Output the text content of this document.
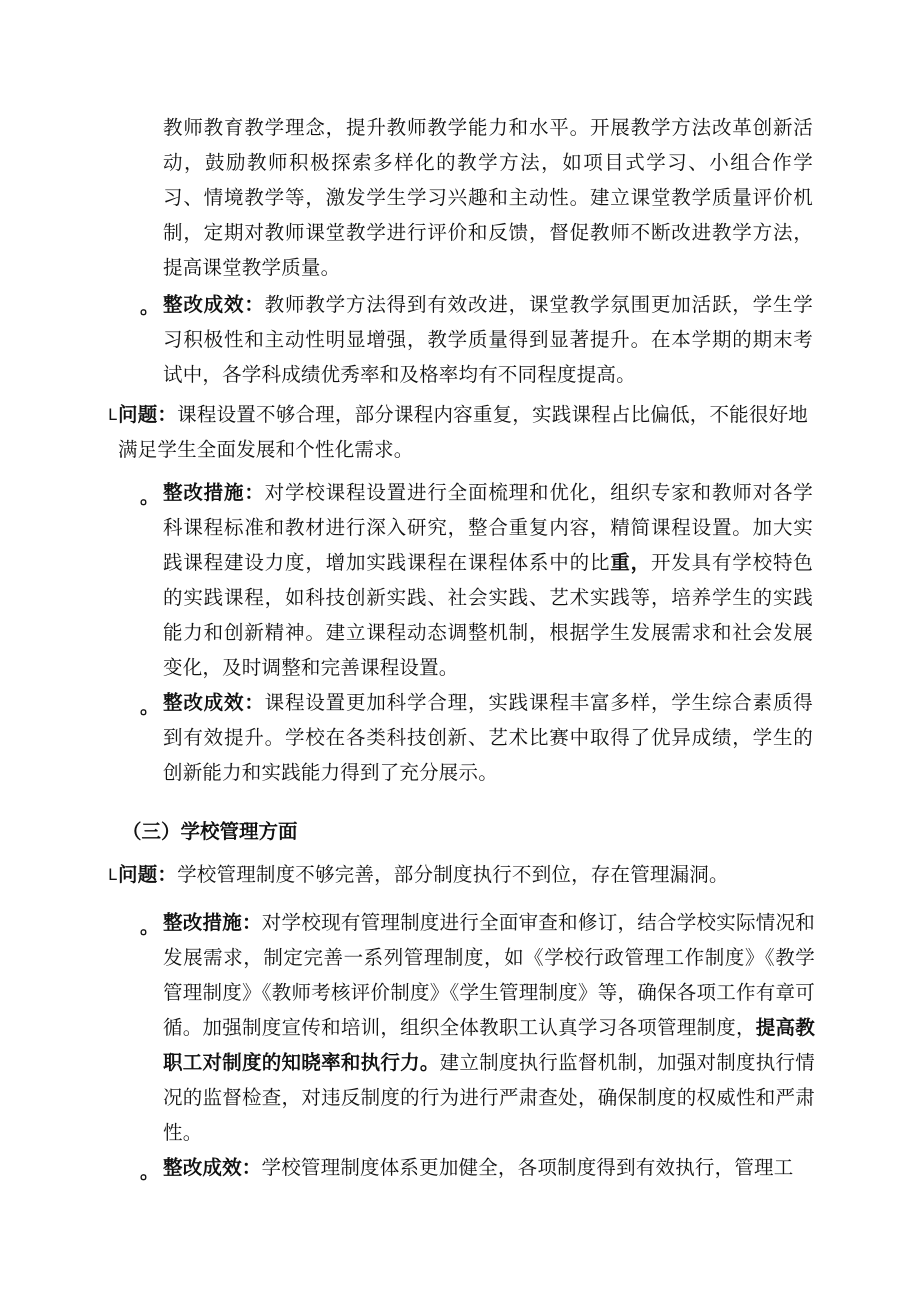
教师教育教学理念，提升教师教学能力和水平。开展教学方法改革创新活动，鼓励教师积极探索多样化的教学方法，如项目式学习、小组合作学习、情境教学等，激发学生学习兴趣和主动性。建立课堂教学质量评价机制，定期对教师课堂教学进行评价和反馈，督促教师不断改进教学方法，提高课堂教学质量。
。 整改成效：教师教学方法得到有效改进，课堂教学氛围更加活跃，学生学习积极性和主动性明显增强，教学质量得到显著提升。在本学期的期末考试中，各学科成绩优秀率和及格率均有不同程度提高。
L 问题：课程设置不够合理，部分课程内容重复，实践课程占比偏低，不能很好地满足学生全面发展和个性化需求。
。 整改措施：对学校课程设置进行全面梳理和优化，组织专家和教师对各学科课程标准和教材进行深入研究，整合重复内容，精简课程设置。加大实践课程建设力度，增加实践课程在课程体系中的比重，开发具有学校特色的实践课程，如科技创新实践、社会实践、艺术实践等，培养学生的实践能力和创新精神。建立课程动态调整机制，根据学生发展需求和社会发展变化，及时调整和完善课程设置。
。 整改成效：课程设置更加科学合理，实践课程丰富多样，学生综合素质得到有效提升。学校在各类科技创新、艺术比赛中取得了优异成绩，学生的创新能力和实践能力得到了充分展示。
（三）学校管理方面
L 问题：学校管理制度不够完善，部分制度执行不到位，存在管理漏洞。
。 整改措施：对学校现有管理制度进行全面审查和修订，结合学校实际情况和发展需求，制定完善一系列管理制度，如《学校行政管理工作制度》《教学管理制度》《教师考核评价制度》《学生管理制度》等，确保各项工作有章可循。加强制度宣传和培训，组织全体教职工认真学习各项管理制度，提高教职工对制度的知晓率和执行力。建立制度执行监督机制，加强对制度执行情况的监督检查，对违反制度的行为进行严肃查处，确保制度的权威性和严肃性。
。 整改成效：学校管理制度体系更加健全，各项制度得到有效执行，管理工
